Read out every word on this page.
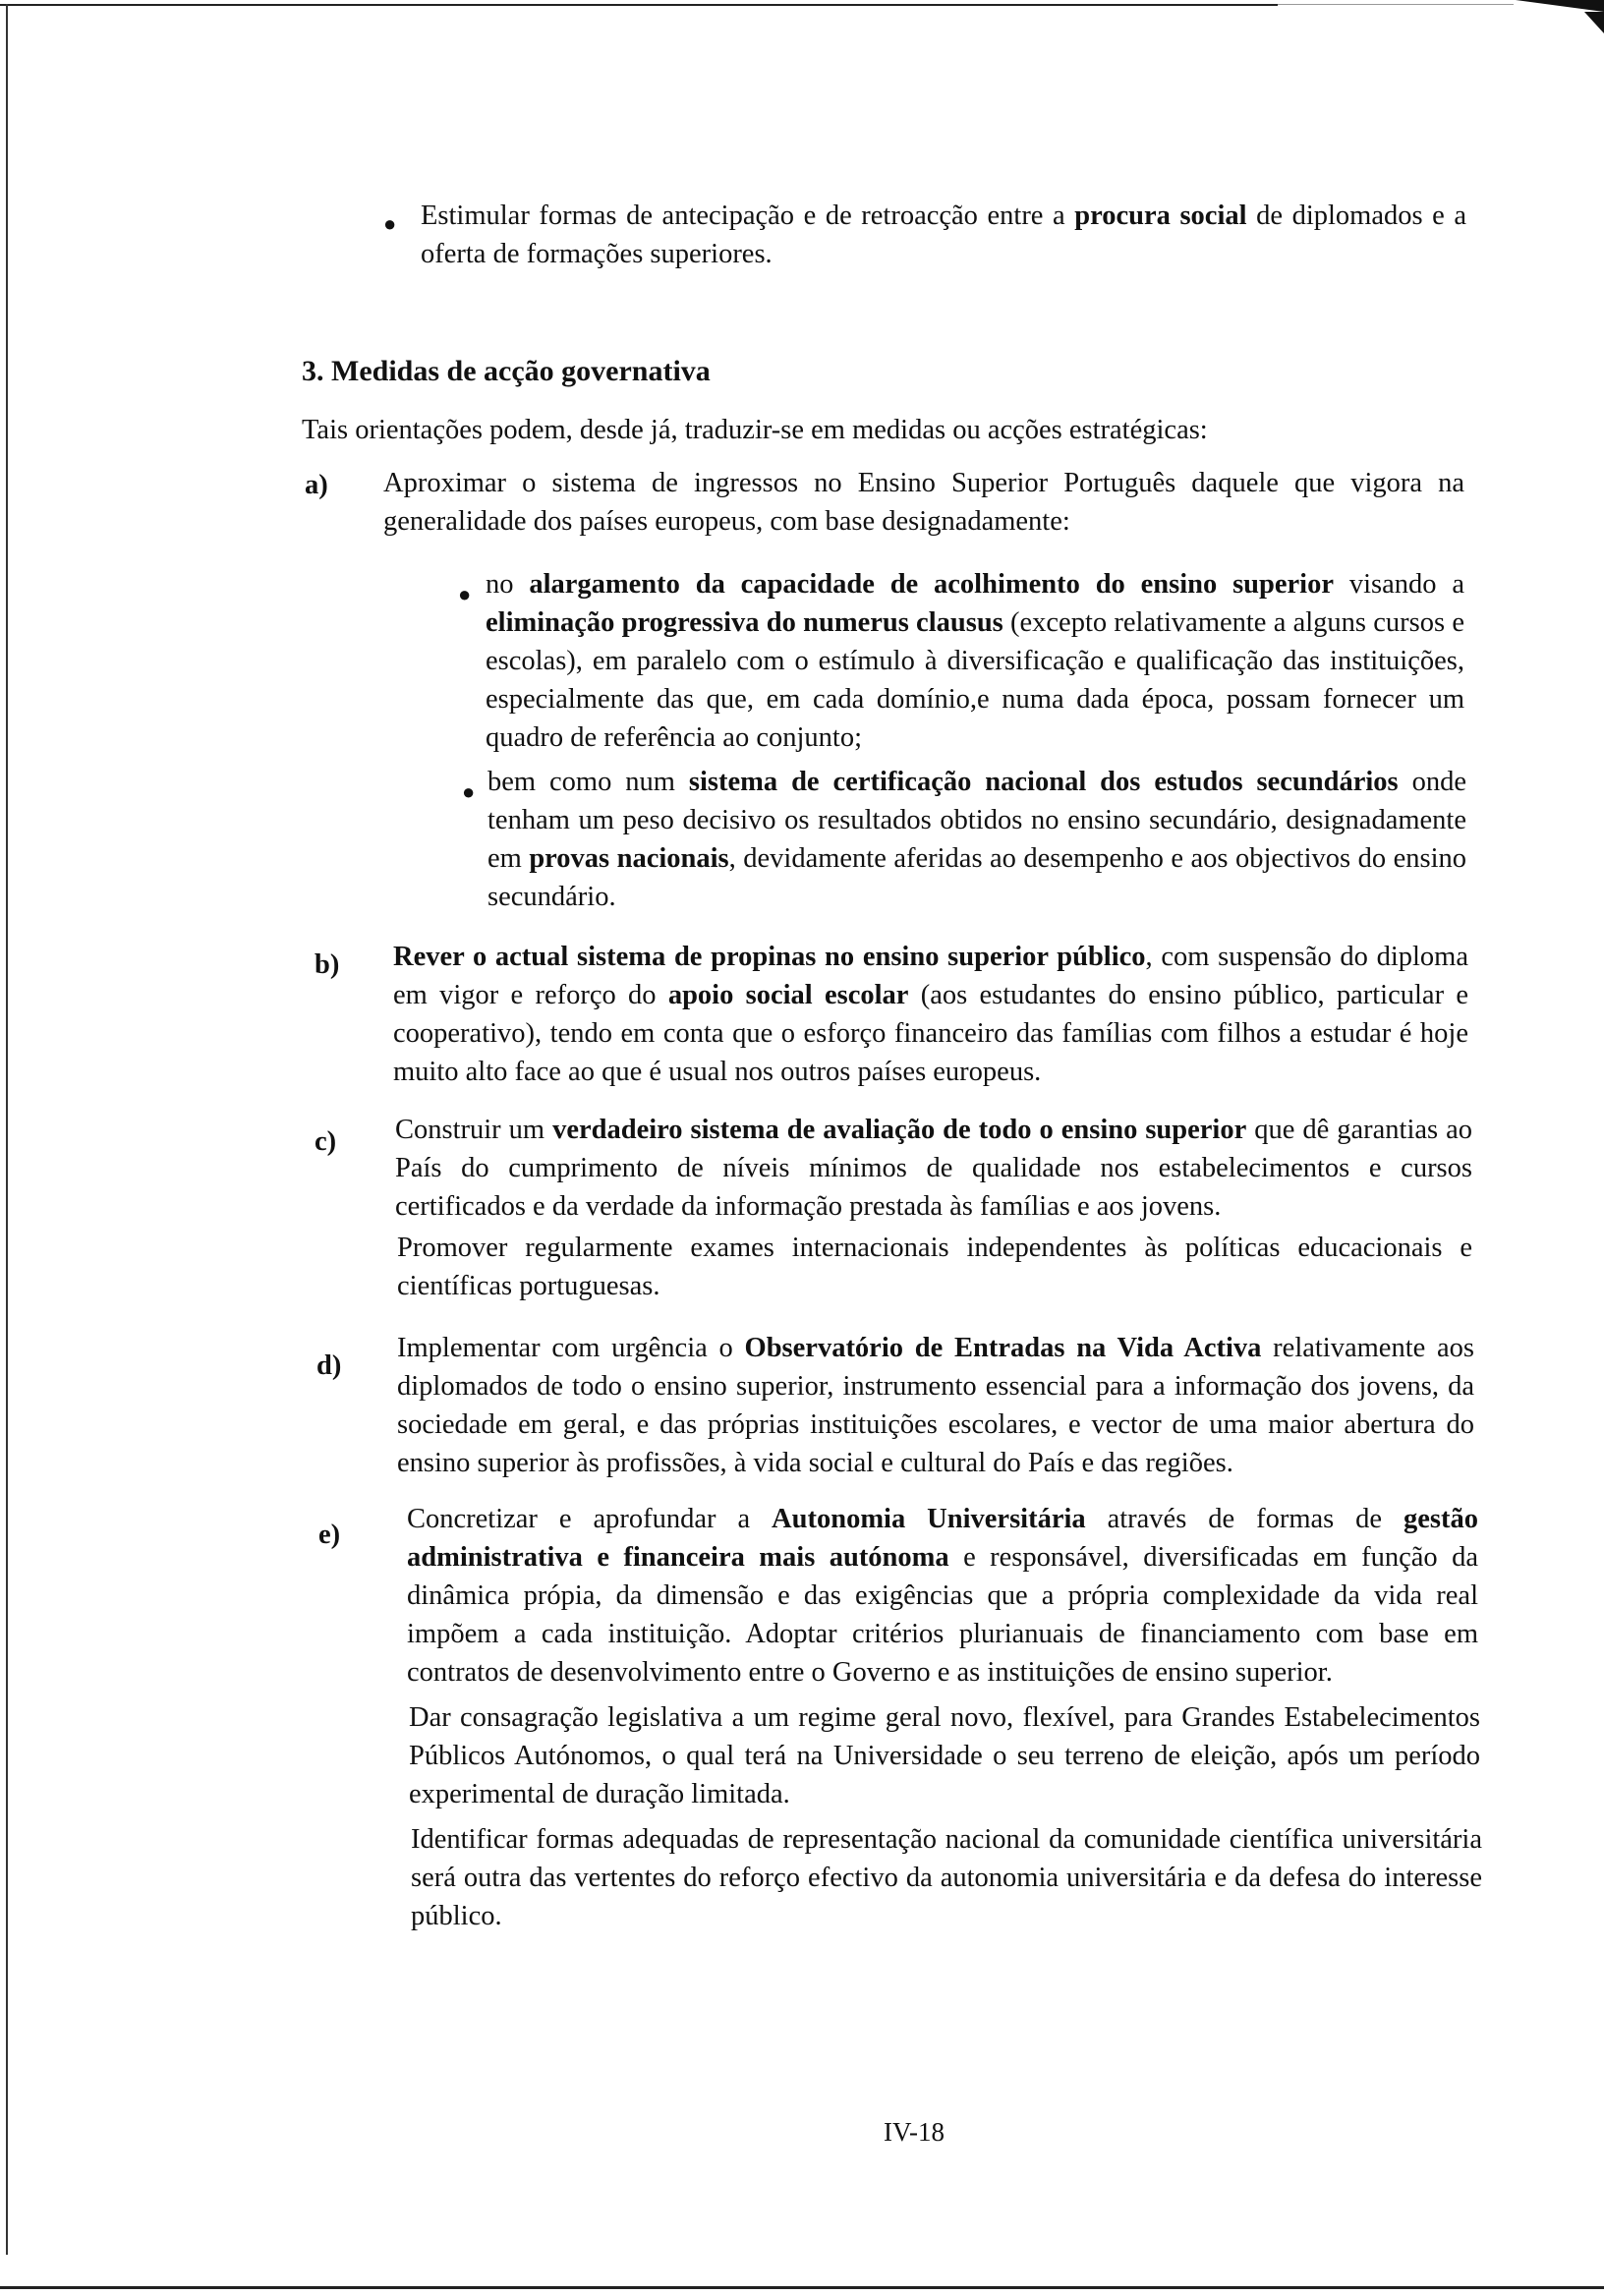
● Estimular formas de antecipação e de retroacção entre a procura social de diplomados e a oferta de formações superiores.

3. Medidas de acção governativa

Tais orientações podem, desde já, traduzir-se em medidas ou acções estratégicas:

a) Aproximar o sistema de ingressos no Ensino Superior Português daquele que vigora na generalidade dos países europeus, com base designadamente:

● no alargamento da capacidade de acolhimento do ensino superior visando a eliminação progressiva do numerus clausus (excepto relativamente a alguns cursos e escolas), em paralelo com o estímulo à diversificação e qualificação das instituições, especialmente das que, em cada domínio,e numa dada época, possam fornecer um quadro de referência ao conjunto;

● bem como num sistema de certificação nacional dos estudos secundários onde tenham um peso decisivo os resultados obtidos no ensino secundário, designadamente em provas nacionais, devidamente aferidas ao desempenho e aos objectivos do ensino secundário.

b) Rever o actual sistema de propinas no ensino superior público, com suspensão do diploma em vigor e reforço do apoio social escolar (aos estudantes do ensino público, particular e cooperativo), tendo em conta que o esforço financeiro das famílias com filhos a estudar é hoje muito alto face ao que é usual nos outros países europeus.

c) Construir um verdadeiro sistema de avaliação de todo o ensino superior que dê garantias ao País do cumprimento de níveis mínimos de qualidade nos estabelecimentos e cursos certificados e da verdade da informação prestada às famílias e aos jovens.

Promover regularmente exames internacionais independentes às políticas educacionais e científicas portuguesas.

d)

Implementar com urgência o Observatório de Entradas na Vida Activa relativamente aos diplomados de todo o ensino superior, instrumento essencial para a informação dos jovens, da sociedade em geral, e das próprias instituições escolares, e vector de uma maior abertura do ensino superior às profissões, à vida social e cultural do País e das regiões.

e)

Concretizar e aprofundar a Autonomia Universitária através de formas de gestão administrativa e financeira mais autónoma e responsável, diversificadas em função da dinâmica própia, da dimensão e das exigências que a própria complexidade da vida real impõem a cada instituição. Adoptar critérios plurianuais de financiamento com base em contratos de desenvolvimento entre o Governo e as instituições de ensino superior.

Dar consagração legislativa a um regime geral novo, flexível, para Grandes Estabelecimentos Públicos Autónomos, o qual terá na Universidade o seu terreno de eleição, após um período experimental de duração limitada.

Identificar formas adequadas de representação nacional da comunidade científica universitária será outra das vertentes do reforço efectivo da autonomia universitária e da defesa do interesse público.

IV-18
